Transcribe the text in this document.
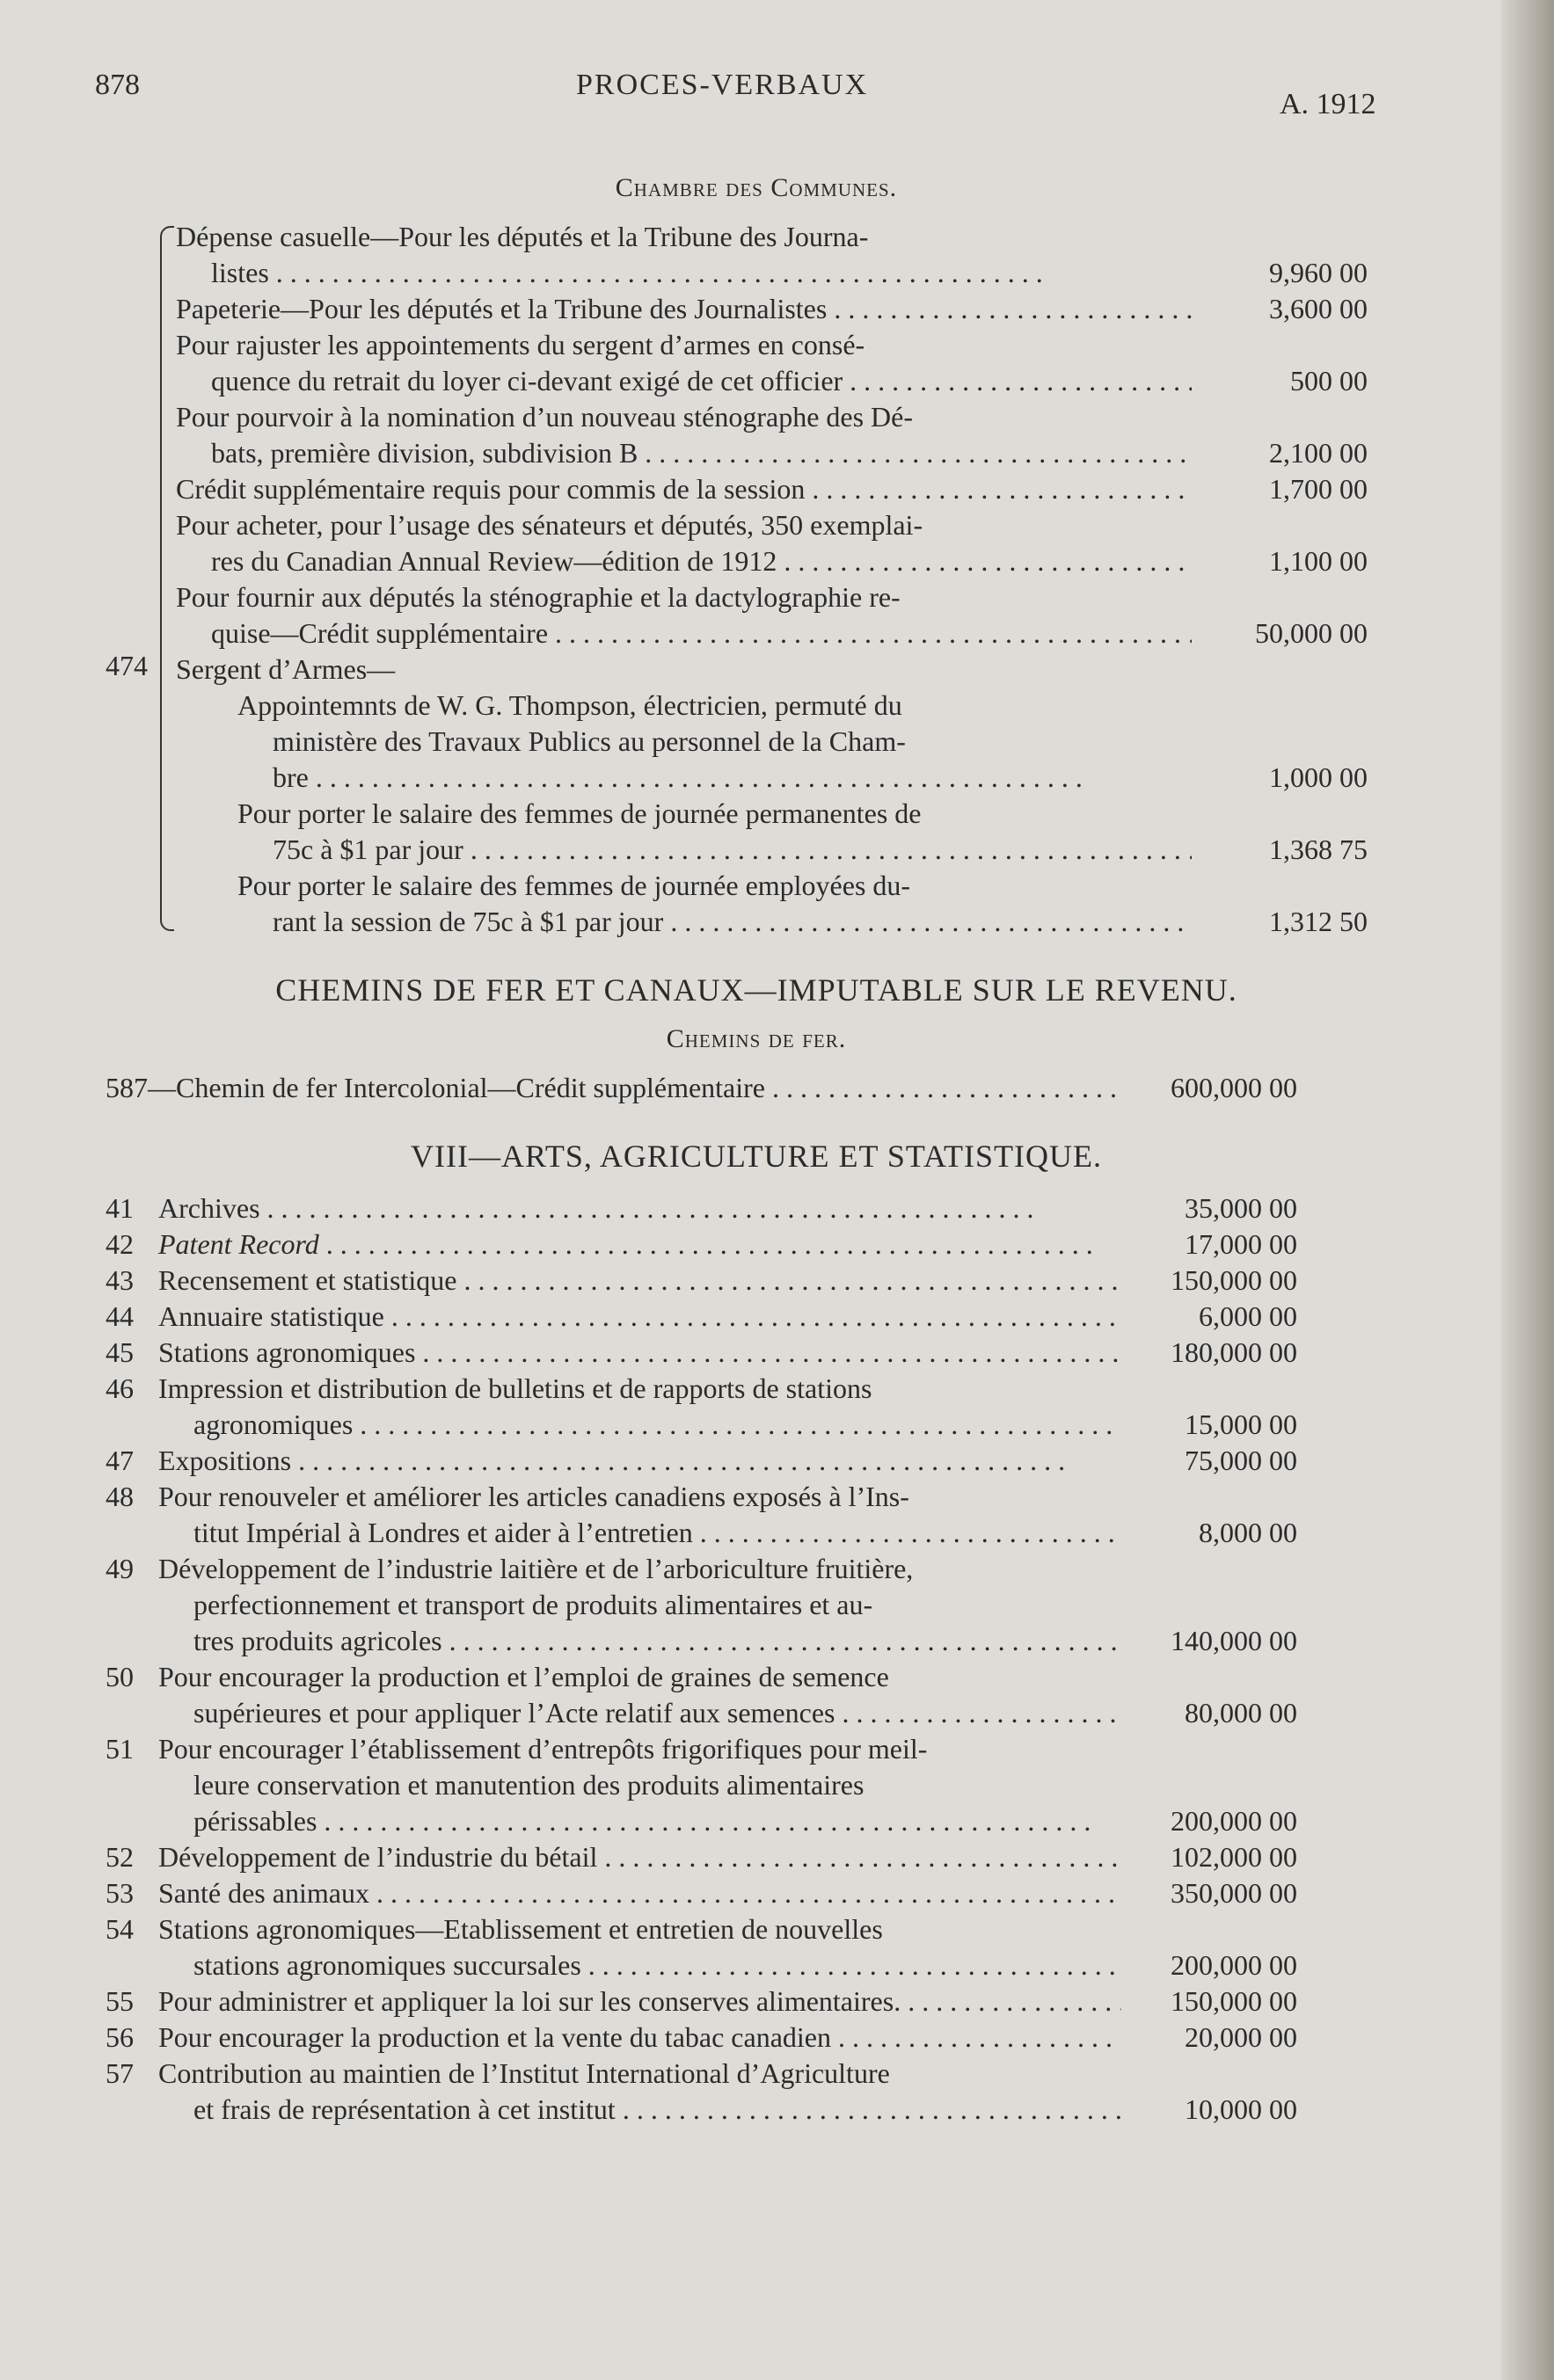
878	PROCES-VERBAUX
A. 1912
Chambre des Communes.
474
Dépense casuelle—Pour les députés et la Tribune des Journa-
listes . . .	9,960 00
Papeterie—Pour les députés et la Tribune des Journalistes . . .	3,600 00
Pour rajuster les appointements du sergent d’armes en consé-
quence du retrait du loyer ci-devant exigé de cet officier . . .	500 00
Pour pourvoir à la nomination d’un nouveau sténographe des Dé-
bats, première division, subdivision B . . .	2,100 00
Crédit supplémentaire requis pour commis de la session . . .	1,700 00
Pour acheter, pour l’usage des sénateurs et députés, 350 exemplai-
res du Canadian Annual Review—édition de 1912 . . .	1,100 00
Pour fournir aux députés la sténographie et la dactylographie re-
quise—Crédit supplémentaire . . .	50,000 00
Sergent d’Armes—
Appointemnts de W. G. Thompson, électricien, permuté du
ministère des Travaux Publics au personnel de la Cham-
bre . . .	1,000 00
Pour porter le salaire des femmes de journée permanentes de
75c à $1 par jour . . .	1,368 75
Pour porter le salaire des femmes de journée employées du-
rant la session de 75c à $1 par jour . . .	1,312 50
CHEMINS DE FER ET CANAUX—IMPUTABLE SUR LE REVENU.
Chemins de fer.
587—Chemin de fer Intercolonial—Crédit supplémentaire . . .	600,000 00
VIII—ARTS, AGRICULTURE ET STATISTIQUE.
41 Archives . . .	35,000 00
42 Patent Record . . .	17,000 00
43 Recensement et statistique . . .	150,000 00
44 Annuaire statistique . . .	6,000 00
45 Stations agronomiques . . .	180,000 00
46 Impression et distribution de bulletins et de rapports de stations
agronomiques . . .	15,000 00
47 Expositions . . .	75,000 00
48 Pour renouveler et améliorer les articles canadiens exposés à l’Ins-
titut Impérial à Londres et aider à l’entretien . . .	8,000 00
49 Développement de l’industrie laitière et de l’arboriculture fruitière,
perfectionnement et transport de produits alimentaires et au-
tres produits agricoles . . .	140,000 00
50 Pour encourager la production et l’emploi de graines de semence
supérieures et pour appliquer l’Acte relatif aux semences . . .	80,000 00
51 Pour encourager l’établissement d’entrepôts frigorifiques pour meil-
leure conservation et manutention des produits alimentaires
périssables . . .	200,000 00
52 Développement de l’industrie du bétail . . .	102,000 00
53 Santé des animaux . . .	350,000 00
54 Stations agronomiques—Etablissement et entretien de nouvelles
stations agronomiques succursales . . .	200,000 00
55 Pour administrer et appliquer la loi sur les conserves alimentaires. . . .	150,000 00
56 Pour encourager la production et la vente du tabac canadien . . .	20,000 00
57 Contribution au maintien de l’Institut International d’Agriculture
et frais de représentation à cet institut . . .	10,000 00
